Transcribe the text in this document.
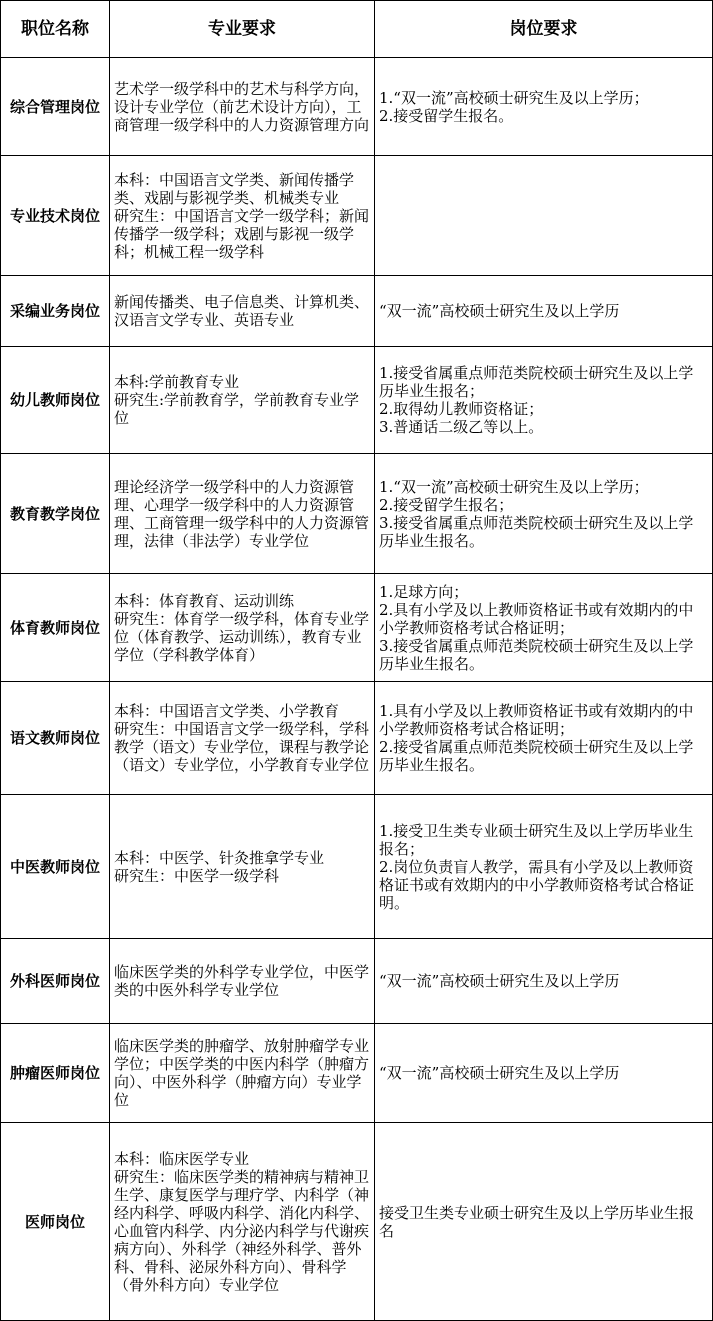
职位名称	专业要求	岗位要求
综合管理岗位	艺术学一级学科中的艺术与科学方向，
设计专业学位（前艺术设计方向），工商管理一级学科中的人力资源管理方向	1.“双一流”高校硕士研究生及以上学历；
2.接受留学生报名。

专业技术岗位	本科：中国语言文学类、新闻传播学类、戏剧与影视学类、机械类专业
研究生：中国语言文学一级学科；新闻传播学一级学科；戏剧与影视一级学科；机械工程一级学科	

采编业务岗位	新闻传播类、电子信息类、计算机类、汉语言文学专业、英语专业	“双一流”高校硕士研究生及以上学历

幼儿教师岗位	本科:学前教育专业
研究生:学前教育学，学前教育专业学位	1.接受省属重点师范类院校硕士研究生及以上学历毕业生报名；
2.取得幼儿教师资格证；
3.普通话二级乙等以上。

教育教学岗位	理论经济学一级学科中的人力资源管理、心理学一级学科中的人力资源管理、工商管理一级学科中的人力资源管理，法律（非法学）专业学位	1.“双一流”高校硕士研究生及以上学历；
2.接受留学生报名；
3.接受省属重点师范类院校硕士研究生及以上学历毕业生报名。

体育教师岗位	本科：体育教育、运动训练
研究生：体育学一级学科，体育专业学位（体育教学、运动训练），教育专业学位（学科教学体育）	1.足球方向；
2.具有小学及以上教师资格证书或有效期内的中小学教师资格考试合格证明；
3.接受省属重点师范类院校硕士研究生及以上学历毕业生报名。

语文教师岗位	本科：中国语言文学类、小学教育
研究生：中国语言文学一级学科，学科教学（语文）专业学位，课程与教学论（语文）专业学位，小学教育专业学位	1.具有小学及以上教师资格证书或有效期内的中小学教师资格考试合格证明；
2.接受省属重点师范类院校硕士研究生及以上学历毕业生报名。

中医教师岗位	本科：中医学、针灸推拿学专业
研究生：中医学一级学科	1.接受卫生类专业硕士研究生及以上学历毕业生报名；
2.岗位负责盲人教学，需具有小学及以上教师资格证书或有效期内的中小学教师资格考试合格证明。

外科医师岗位	临床医学类的外科学专业学位，中医学类的中医外科学专业学位	“双一流”高校硕士研究生及以上学历

肿瘤医师岗位	临床医学类的肿瘤学、放射肿瘤学专业学位；中医学类的中医内科学（肿瘤方向）、中医外科学（肿瘤方向）专业学位	“双一流”高校硕士研究生及以上学历

医师岗位	本科：临床医学专业
研究生：临床医学类的精神病与精神卫生学、康复医学与理疗学、内科学（神经内科学、呼吸内科学、消化内科学、心血管内科学、内分泌内科学与代谢疾病方向）、外科学（神经外科学、普外科、骨科、泌尿外科方向）、骨科学（骨外科方向）专业学位	接受卫生类专业硕士研究生及以上学历毕业生报名
